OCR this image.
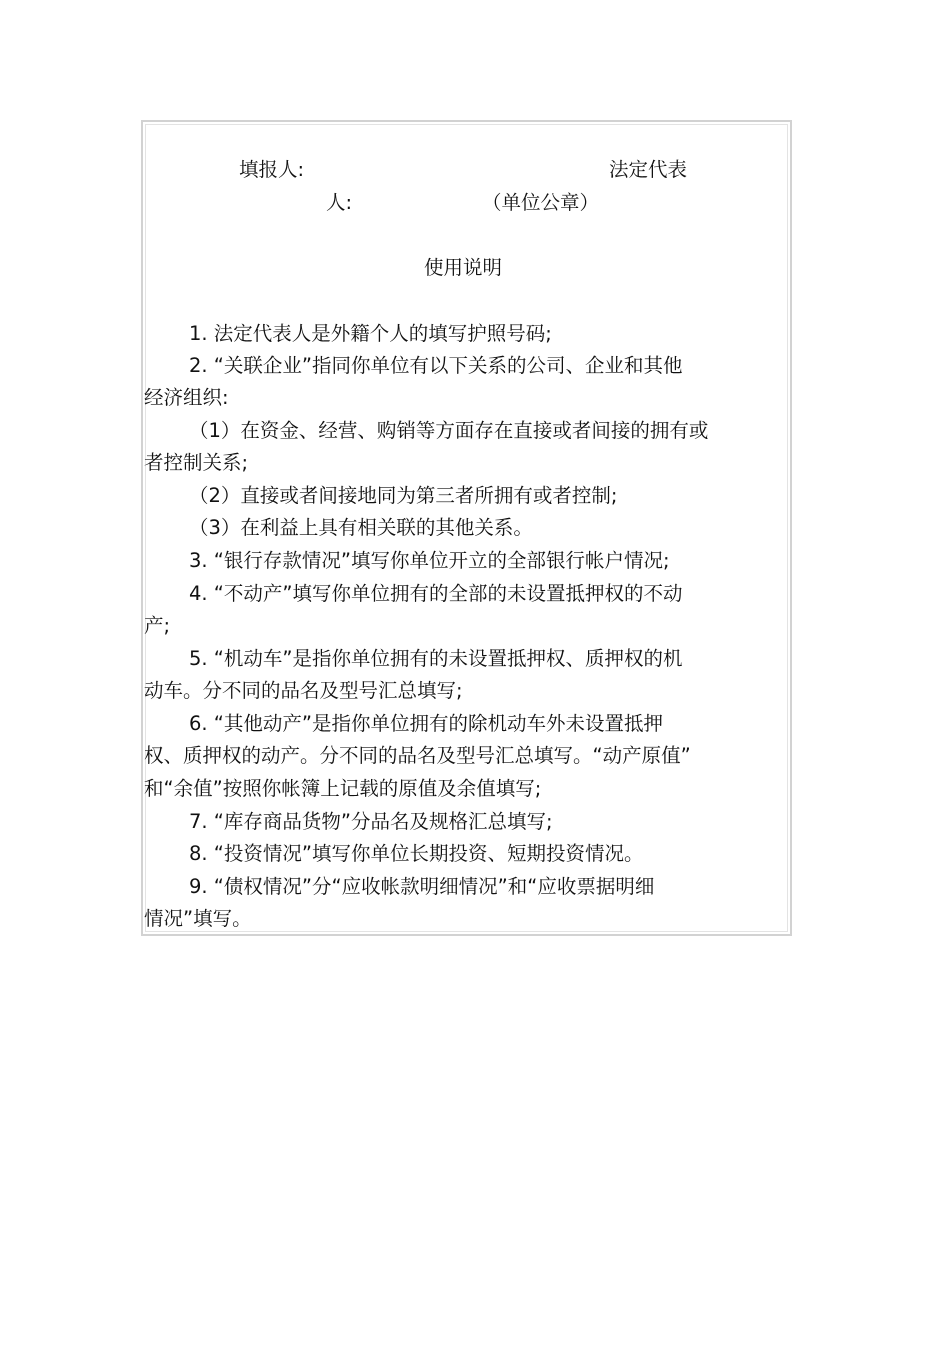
填报人:	法定代表
人:	（单位公章）
使用说明
1. 法定代表人是外籍个人的填写护照号码;
2. “关联企业”指同你单位有以下关系的公司、企业和其他
经济组织:
（1）在资金、经营、购销等方面存在直接或者间接的拥有或
者控制关系;
（2）直接或者间接地同为第三者所拥有或者控制;
（3）在利益上具有相关联的其他关系。
3. “银行存款情况”填写你单位开立的全部银行帐户情况;
4. “不动产”填写你单位拥有的全部的未设置抵押权的不动
产;
5. “机动车”是指你单位拥有的未设置抵押权、质押权的机
动车。分不同的品名及型号汇总填写;
6. “其他动产”是指你单位拥有的除机动车外未设置抵押
权、质押权的动产。分不同的品名及型号汇总填写。“动产原值”
和“余值”按照你帐簿上记载的原值及余值填写;
7. “库存商品货物”分品名及规格汇总填写;
8. “投资情况”填写你单位长期投资、短期投资情况。
9. “债权情况”分“应收帐款明细情况”和“应收票据明细
情况”填写。
